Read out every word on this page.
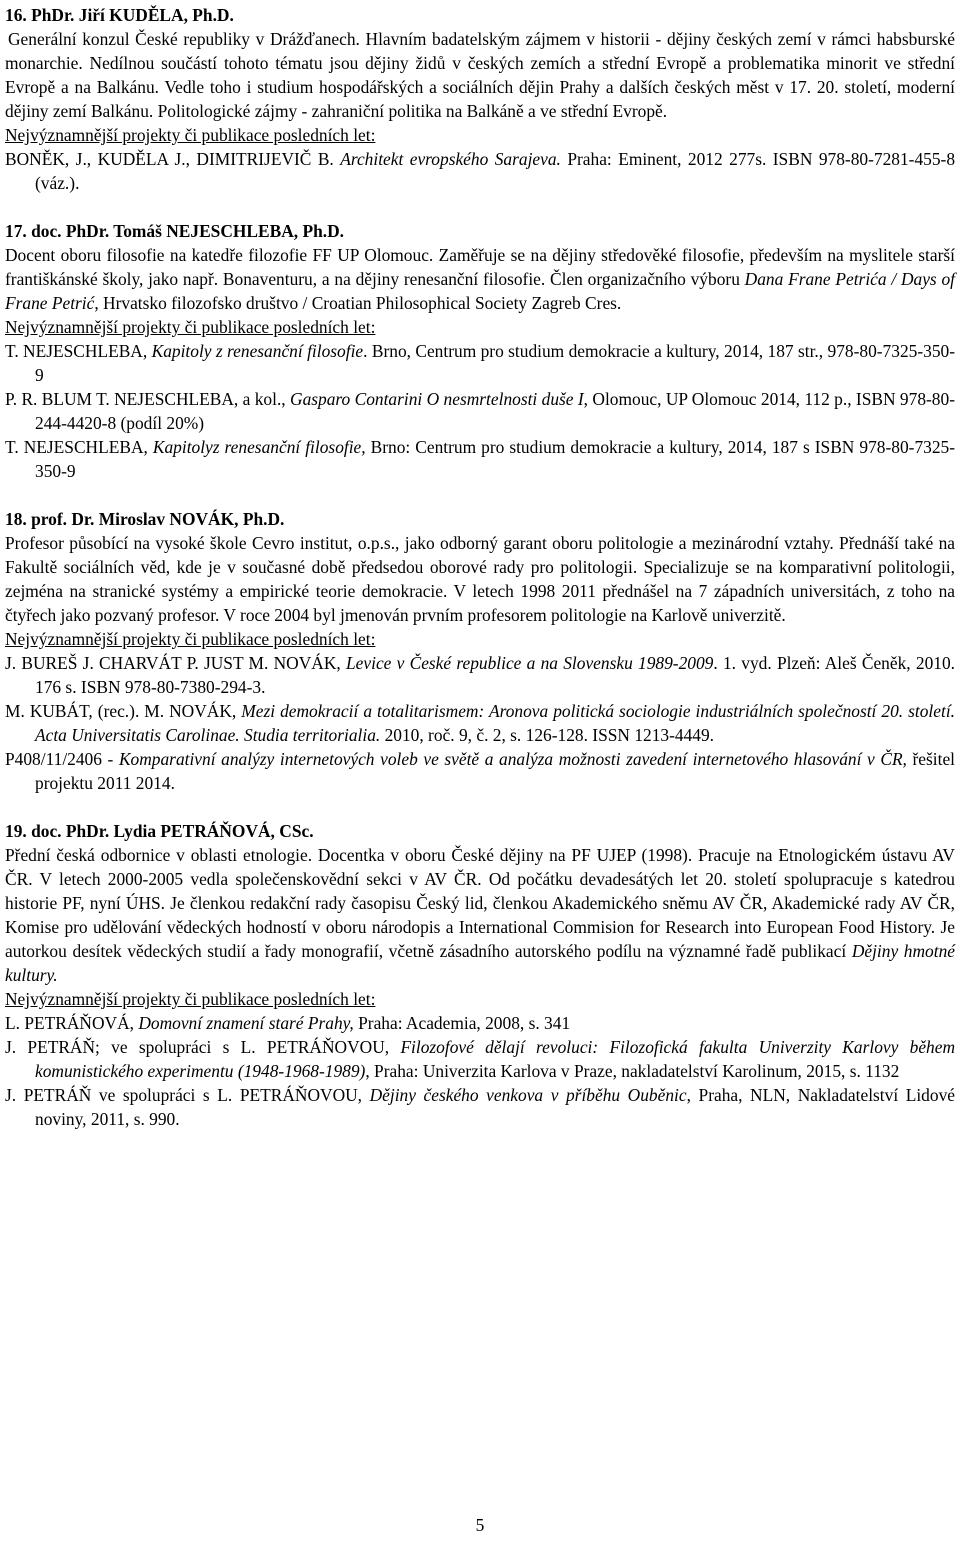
16. PhDr. Jiří KUDĚLA, Ph.D.

Generální konzul České republiky v Drážďanech. Hlavním badatelským zájmem v historii - dějiny českých zemí v rámci habsburské monarchie. Nedílnou součástí tohoto tématu jsou dějiny židů v českých zemích a střední Evropě a problematika minorit ve střední Evropě a na Balkánu. Vedle toho i studium hospodářských a sociálních dějin Prahy a dalších českých měst v 17. 20. století, moderní dějiny zemí Balkánu. Politologické zájmy - zahraniční politika na Balkáně a ve střední Evropě.

Nejvýznamnější projekty či publikace posledních let:

BONĚK, J., KUDĚLA J., DIMITRIJEVIČ B. Architekt evropského Sarajeva. Praha: Eminent, 2012 277s. ISBN 978-80-7281-455-8 (váz.).

17. doc. PhDr. Tomáš NEJESCHLEBA, Ph.D.

Docent oboru filosofie na katedře filozofie FF UP Olomouc. Zaměřuje se na dějiny středověké filosofie, především na myslitele starší františkánské školy, jako např. Bonaventuru, a na dějiny renesanční filosofie. Člen organizačního výboru Dana Frane Petrića / Days of Frane Petrić, Hrvatsko filozofsko društvo / Croatian Philosophical Society Zagreb Cres.

Nejvýznamnější projekty či publikace posledních let:

T. NEJESCHLEBA, Kapitoly z renesanční filosofie. Brno, Centrum pro studium demokracie a kultury, 2014, 187 str., 978-80-7325-350-9

P. R. BLUM T. NEJESCHLEBA, a kol., Gasparo Contarini O nesmrtelnosti duše I, Olomouc, UP Olomouc 2014, 112 p., ISBN 978-80-244-4420-8 (podíl 20%)

T. NEJESCHLEBA, Kapitolyz renesanční filosofie, Brno: Centrum pro studium demokracie a kultury, 2014, 187 s ISBN 978-80-7325-350-9

18. prof. Dr. Miroslav NOVÁK, Ph.D.

Profesor působící na vysoké škole Cevro institut, o.p.s., jako odborný garant oboru politologie a mezinárodní vztahy. Přednáší také na Fakultě sociálních věd, kde je v současné době předsedou oborové rady pro politologii. Specializuje se na komparativní politologii, zejména na stranické systémy a empirické teorie demokracie. V letech 1998 2011 přednášel na 7 západních universitách, z toho na čtyřech jako pozvaný profesor. V roce 2004 byl jmenován prvním profesorem politologie na Karlově univerzitě.

Nejvýznamnější projekty či publikace posledních let:

J. BUREŠ J. CHARVÁT P. JUST M. NOVÁK, Levice v České republice a na Slovensku 1989-2009. 1. vyd. Plzeň: Aleš Čeněk, 2010. 176 s. ISBN 978-80-7380-294-3.

M. KUBÁT, (rec.). M. NOVÁK, Mezi demokracií a totalitarismem: Aronova politická sociologie industriálních společností 20. století. Acta Universitatis Carolinae. Studia territorialia. 2010, roč. 9, č. 2, s. 126-128. ISSN 1213-4449.

P408/11/2406 - Komparativní analýzy internetových voleb ve světě a analýza možnosti zavedení internetového hlasování v ČR, řešitel projektu 2011 2014.

19. doc. PhDr. Lydia PETRÁŇOVÁ, CSc.

Přední česká odbornice v oblasti etnologie. Docentka v oboru České dějiny na PF UJEP (1998). Pracuje na Etnologickém ústavu AV ČR. V letech 2000-2005 vedla společenskovědní sekci v AV ČR. Od počátku devadesátých let 20. století spolupracuje s katedrou historie PF, nyní ÚHS. Je členkou redakční rady časopisu Český lid, členkou Akademického sněmu AV ČR, Akademické rady AV ČR, Komise pro udělování vědeckých hodností v oboru národopis a International Commision for Research into European Food History. Je autorkou desítek vědeckých studií a řady monografií, včetně zásadního autorského podílu na významné řadě publikací Dějiny hmotné kultury.

Nejvýznamnější projekty či publikace posledních let:

L. PETRÁŇOVÁ, Domovní znamení staré Prahy, Praha: Academia, 2008, s. 341

J. PETRÁŇ; ve spolupráci s L. PETRÁŇOVOU, Filozofové dělají revoluci: Filozofická fakulta Univerzity Karlovy během komunistického experimentu (1948-1968-1989), Praha: Univerzita Karlova v Praze, nakladatelství Karolinum, 2015, s. 1132

J. PETRÁŇ ve spolupráci s L. PETRÁŇOVOU, Dějiny českého venkova v příběhu Ouběnic, Praha, NLN, Nakladatelství Lidové noviny, 2011, s. 990.

5
